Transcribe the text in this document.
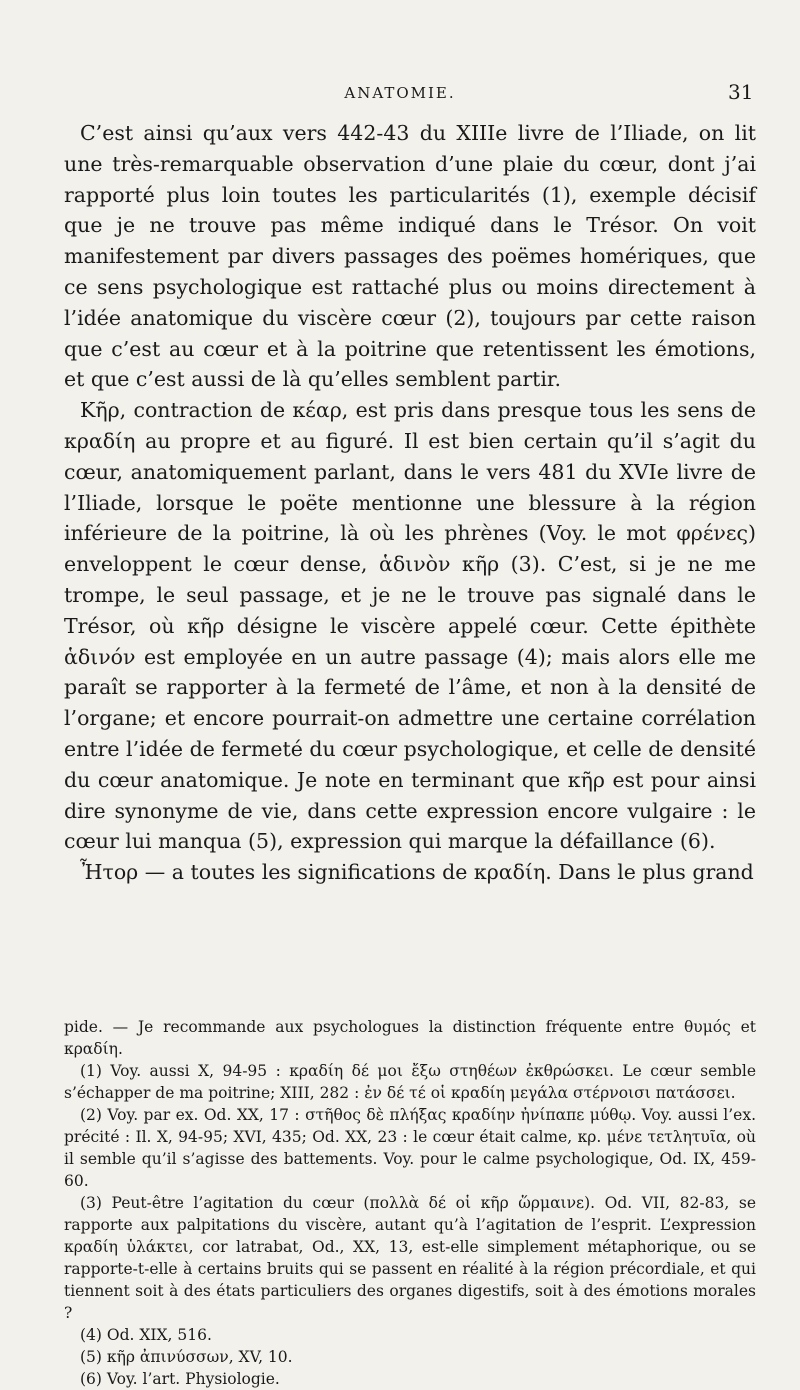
ANATOMIE.	31

C’est ainsi qu’aux vers 442-43 du XIIIe livre de l’Iliade, on lit une très-remarquable observation d’une plaie du cœur, dont j’ai rapporté plus loin toutes les particularités (1), exemple décisif que je ne trouve pas même indiqué dans le Trésor. On voit manifestement par divers passages des poëmes homériques, que ce sens psychologique est rattaché plus ou moins directement à l’idée anatomique du viscère cœur (2), toujours par cette raison que c’est au cœur et à la poitrine que retentissent les émotions, et que c’est aussi de là qu’elles semblent partir.

Κῆρ, contraction de κέαρ, est pris dans presque tous les sens de κραδίη au propre et au figuré. Il est bien certain qu’il s’agit du cœur, anatomiquement parlant, dans le vers 481 du XVIe livre de l’Iliade, lorsque le poëte mentionne une blessure à la région inférieure de la poitrine, là où les phrènes (Voy. le mot φρένες) enveloppent le cœur dense, ἁδινὸν κῆρ (3). C’est, si je ne me trompe, le seul passage, et je ne le trouve pas signalé dans le Trésor, où κῆρ désigne le viscère appelé cœur. Cette épithète ἁδινόν est employée en un autre passage (4); mais alors elle me paraît se rapporter à la fermeté de l’âme, et non à la densité de l’organe; et encore pourrait-on admettre une certaine corrélation entre l’idée de fermeté du cœur psychologique, et celle de densité du cœur anatomique. Je note en terminant que κῆρ est pour ainsi dire synonyme de vie, dans cette expression encore vulgaire : le cœur lui manqua (5), expression qui marque la défaillance (6).

Ἦτορ — a toutes les significations de κραδίη. Dans le plus grand

pide. — Je recommande aux psychologues la distinction fréquente entre θυμός et κραδίη.

(1) Voy. aussi X, 94-95 : κραδίη δέ μοι ἔξω στηθέων ἐκθρώσκει. Le cœur semble s’échapper de ma poitrine; XIII, 282 : ἐν δέ τέ οἱ κραδίη μεγάλα στέρνοισι πατάσσει.

(2) Voy. par ex. Od. XX, 17 : στῆθος δὲ πλήξας κραδίην ἠνίπαπε μύθῳ. Voy. aussi l’ex. précité : Il. X, 94-95; XVI, 435; Od. XX, 23 : le cœur était calme, κρ. μένε τετλητυῖα, où il semble qu’il s’agisse des battements. Voy. pour le calme psychologique, Od. IX, 459-60.

(3) Peut-être l’agitation du cœur (πολλὰ δέ οἱ κῆρ ὥρμαινε). Od. VII, 82-83, se rapporte aux palpitations du viscère, autant qu’à l’agitation de l’esprit. L’expression κραδίη ὑλάκτει, cor latrabat, Od., XX, 13, est-elle simplement métaphorique, ou se rapporte-t-elle à certains bruits qui se passent en réalité à la région précordiale, et qui tiennent soit à des états particuliers des organes digestifs, soit à des émotions morales ?

(4) Od. XIX, 516.

(5) κῆρ ἀπινύσσων, XV, 10.

(6) Voy. l’art. Physiologie.
